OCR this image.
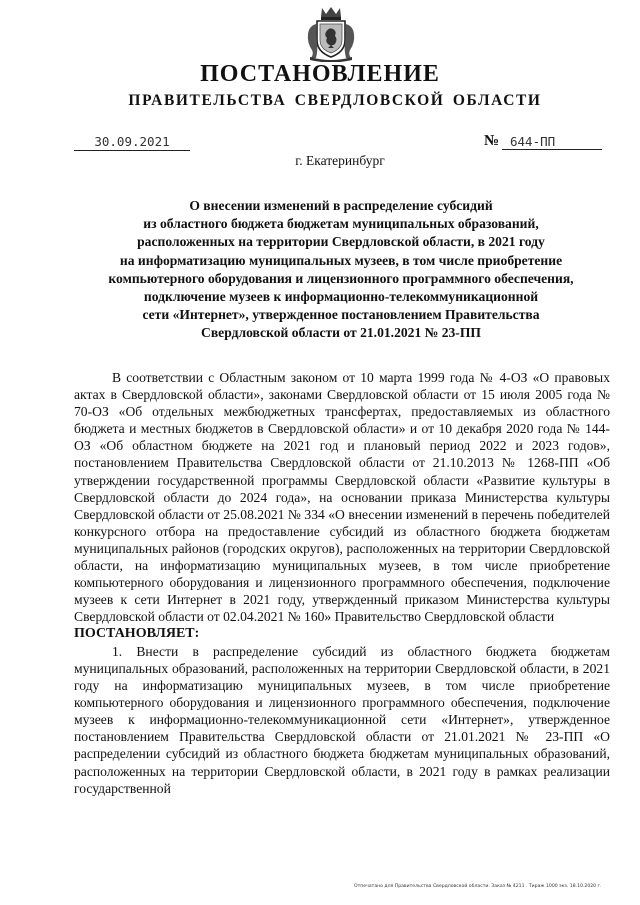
ПОСТАНОВЛЕНИЕ
ПРАВИТЕЛЬСТВА СВЕРДЛОВСКОЙ ОБЛАСТИ
30.09.2021	№ 644-ПП
г. Екатеринбург
О внесении изменений в распределение субсидий
из областного бюджета бюджетам муниципальных образований,
расположенных на территории Свердловской области, в 2021 году
на информатизацию муниципальных музеев, в том числе приобретение
компьютерного оборудования и лицензионного программного обеспечения,
подключение музеев к информационно-телекоммуникационной
сети «Интернет», утвержденное постановлением Правительства
Свердловской области от 21.01.2021 № 23-ПП

В соответствии с Областным законом от 10 марта 1999 года № 4-ОЗ «О правовых актах в Свердловской области», законами Свердловской области от 15 июля 2005 года № 70-ОЗ «Об отдельных межбюджетных трансфертах, предоставляемых из областного бюджета и местных бюджетов в Свердловской области» и от 10 декабря 2020 года № 144-ОЗ «Об областном бюджете на 2021 год и плановый период 2022 и 2023 годов», постановлением Правительства Свердловской области от 21.10.2013 № 1268-ПП «Об утверждении государственной программы Свердловской области «Развитие культуры в Свердловской области до 2024 года», на основании приказа Министерства культуры Свердловской области от 25.08.2021 № 334 «О внесении изменений в перечень победителей конкурсного отбора на предоставление субсидий из областного бюджета бюджетам муниципальных районов (городских округов), расположенных на территории Свердловской области, на информатизацию муниципальных музеев, в том числе приобретение компьютерного оборудования и лицензионного программного обеспечения, подключение музеев к сети Интернет в 2021 году, утвержденный приказом Министерства культуры Свердловской области от 02.04.2021 № 160» Правительство Свердловской области

ПОСТАНОВЛЯЕТ:

1. Внести в распределение субсидий из областного бюджета бюджетам муниципальных образований, расположенных на территории Свердловской области, в 2021 году на информатизацию муниципальных музеев, в том числе приобретение компьютерного оборудования и лицензионного программного обеспечения, подключение музеев к информационно-телекоммуникационной сети «Интернет», утвержденное постановлением Правительства Свердловской области от 21.01.2021 № 23-ПП «О распределении субсидий из областного бюджета бюджетам муниципальных образований, расположенных на территории Свердловской области, в 2021 году в рамках реализации государственной

Отпечатано для Правительства Свердловской области. Заказ № 4211 . Тираж 1000 экз. 18.10.2020 г.
